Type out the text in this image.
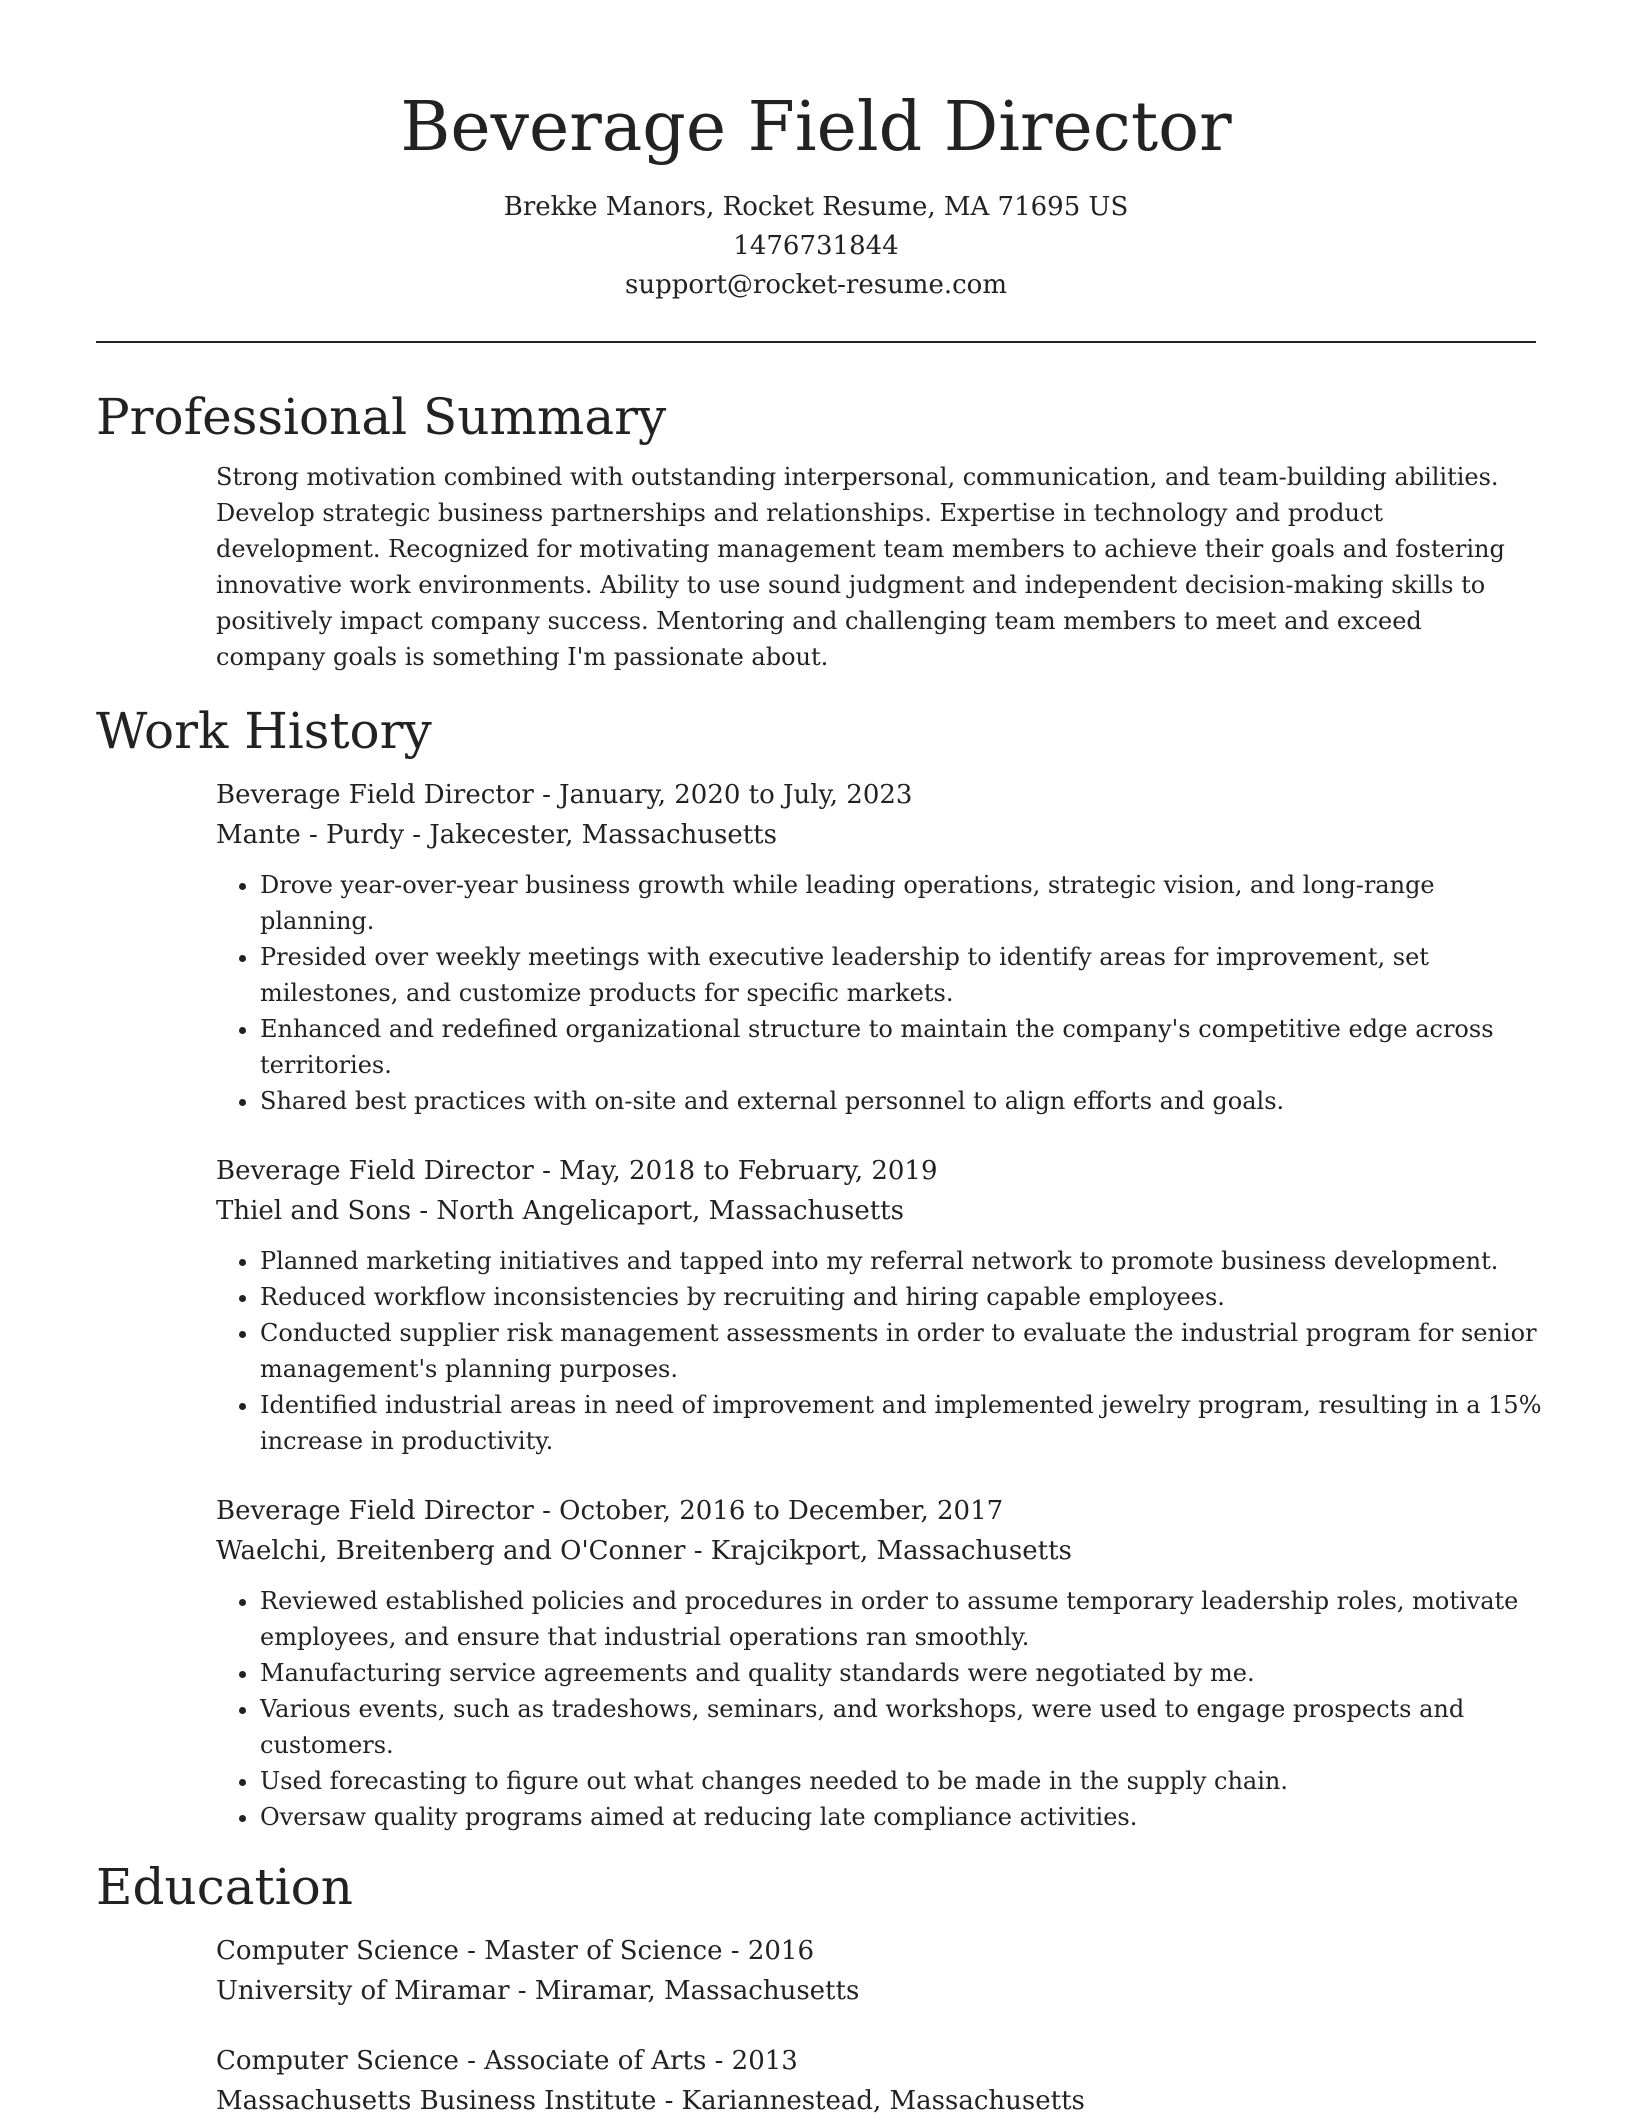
Beverage Field Director
Brekke Manors, Rocket Resume, MA 71695 US
1476731844
support@rocket-resume.com
Professional Summary

Strong motivation combined with outstanding interpersonal, communication, and team-building abilities. Develop strategic business partnerships and relationships. Expertise in technology and product development. Recognized for motivating management team members to achieve their goals and fostering innovative work environments. Ability to use sound judgment and independent decision-making skills to positively impact company success. Mentoring and challenging team members to meet and exceed company goals is something I'm passionate about.

Work History
Beverage Field Director - January, 2020 to July, 2023
Mante - Purdy - Jakecester, Massachusetts
• Drove year-over-year business growth while leading operations, strategic vision, and long-range planning.
• Presided over weekly meetings with executive leadership to identify areas for improvement, set milestones, and customize products for specific markets.
• Enhanced and redefined organizational structure to maintain the company's competitive edge across territories.
• Shared best practices with on-site and external personnel to align efforts and goals.
Beverage Field Director - May, 2018 to February, 2019
Thiel and Sons - North Angelicaport, Massachusetts
• Planned marketing initiatives and tapped into my referral network to promote business development.
• Reduced workflow inconsistencies by recruiting and hiring capable employees.
• Conducted supplier risk management assessments in order to evaluate the industrial program for senior management's planning purposes.
• Identified industrial areas in need of improvement and implemented jewelry program, resulting in a 15% increase in productivity.
Beverage Field Director - October, 2016 to December, 2017
Waelchi, Breitenberg and O'Conner - Krajcikport, Massachusetts
• Reviewed established policies and procedures in order to assume temporary leadership roles, motivate employees, and ensure that industrial operations ran smoothly.
• Manufacturing service agreements and quality standards were negotiated by me.
• Various events, such as tradeshows, seminars, and workshops, were used to engage prospects and customers.
• Used forecasting to figure out what changes needed to be made in the supply chain.
• Oversaw quality programs aimed at reducing late compliance activities.
Education
Computer Science - Master of Science - 2016
University of Miramar - Miramar, Massachusetts
Computer Science - Associate of Arts - 2013
Massachusetts Business Institute - Kariannestead, Massachusetts
